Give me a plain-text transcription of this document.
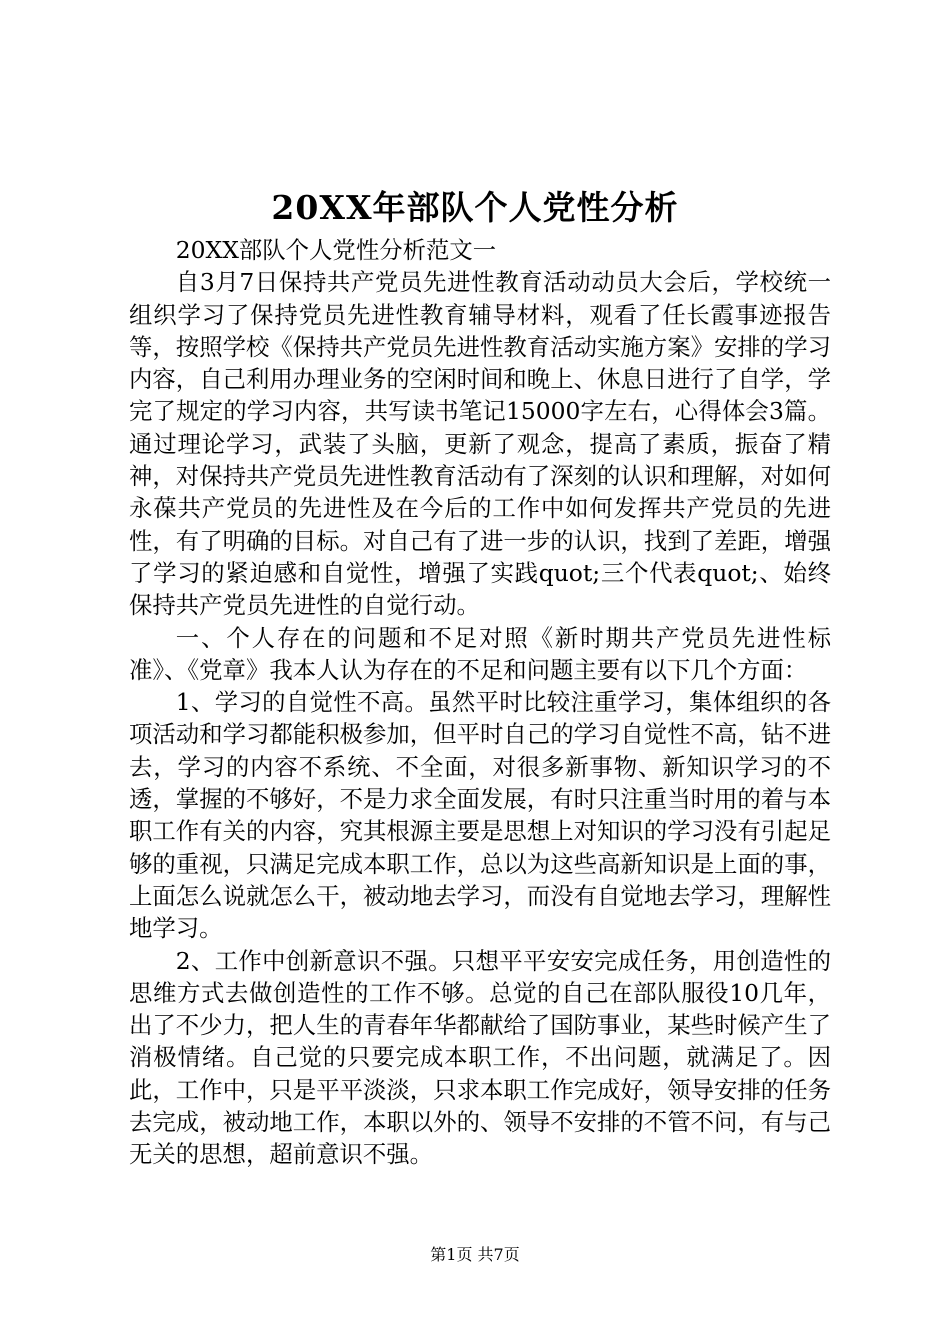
20XX年部队个人党性分析

20XX部队个人党性分析范文一

自3月7日保持共产党员先进性教育活动动员大会后，学校统一组织学习了保持党员先进性教育辅导材料，观看了任长霞事迹报告等，按照学校《保持共产党员先进性教育活动实施方案》安排的学习内容，自己利用办理业务的空闲时间和晚上、休息日进行了自学，学完了规定的学习内容，共写读书笔记15000字左右，心得体会3篇。通过理论学习，武装了头脑，更新了观念，提高了素质，振奋了精神，对保持共产党员先进性教育活动有了深刻的认识和理解，对如何永葆共产党员的先进性及在今后的工作中如何发挥共产党员的先进性，有了明确的目标。对自己有了进一步的认识，找到了差距，增强了学习的紧迫感和自觉性，增强了实践quot;三个代表quot;、始终保持共产党员先进性的自觉行动。

一、个人存在的问题和不足对照《新时期共产党员先进性标准》、《党章》我本人认为存在的不足和问题主要有以下几个方面：

1、学习的自觉性不高。虽然平时比较注重学习，集体组织的各项活动和学习都能积极参加，但平时自己的学习自觉性不高，钻不进去，学习的内容不系统、不全面，对很多新事物、新知识学习的不透，掌握的不够好，不是力求全面发展，有时只注重当时用的着与本职工作有关的内容，究其根源主要是思想上对知识的学习没有引起足够的重视，只满足完成本职工作，总以为这些高新知识是上面的事，上面怎么说就怎么干，被动地去学习，而没有自觉地去学习，理解性地学习。

2、工作中创新意识不强。只想平平安安完成任务，用创造性的思维方式去做创造性的工作不够。总觉的自己在部队服役10几年，出了不少力，把人生的青春年华都献给了国防事业，某些时候产生了消极情绪。自己觉的只要完成本职工作，不出问题，就满足了。因此，工作中，只是平平淡淡，只求本职工作完成好，领导安排的任务去完成，被动地工作，本职以外的、领导不安排的不管不问，有与己无关的思想，超前意识不强。

第1页 共7页
